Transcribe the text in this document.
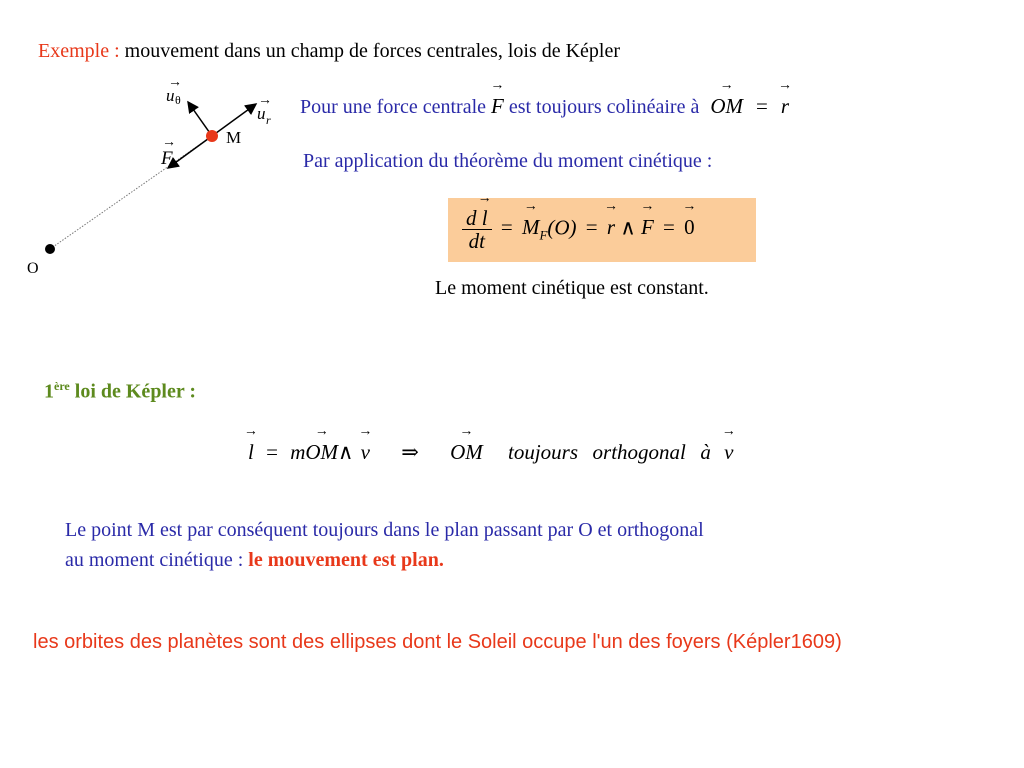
Exemple : mouvement dans un champ de forces centrales, lois de Képler
→
u θ	→
u r
→
F
M
O
Pour une force centrale
→
F est toujours colinéaire à
→
OM =
→
r
Par application du théorème du moment cinétique :
d
→
l
dt =
→
$M_F(O)$ =
→
r ∧
→
F =
→
0
Le moment cinétique est constant.
1ère loi de Képler :
→
l = m
→
OM∧
→
v ⇒
→
OM toujours  orthogonal  à
→
v
Le point M est par conséquent toujours dans le plan passant par O et orthogonal
au moment cinétique : le mouvement est plan.
les orbites des planètes sont des ellipses dont le Soleil occupe l'un des foyers (Képler1609)
